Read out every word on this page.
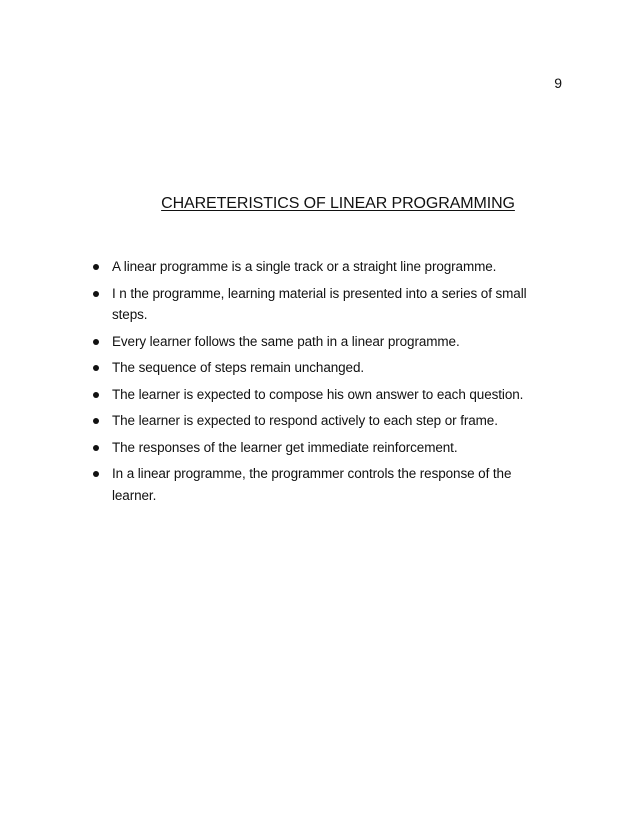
9
CHARETERISTICS OF LINEAR PROGRAMMING
A linear programme is a single track or a straight line programme.
I n the programme, learning material is presented into a series of small steps.
Every learner follows the same path in a linear programme.
The sequence of steps remain unchanged.
The learner is expected to compose his own answer to each question.
The learner is expected to respond actively to each step or frame.
The responses of the learner get immediate reinforcement.
In a linear programme, the programmer controls the response of the learner.
